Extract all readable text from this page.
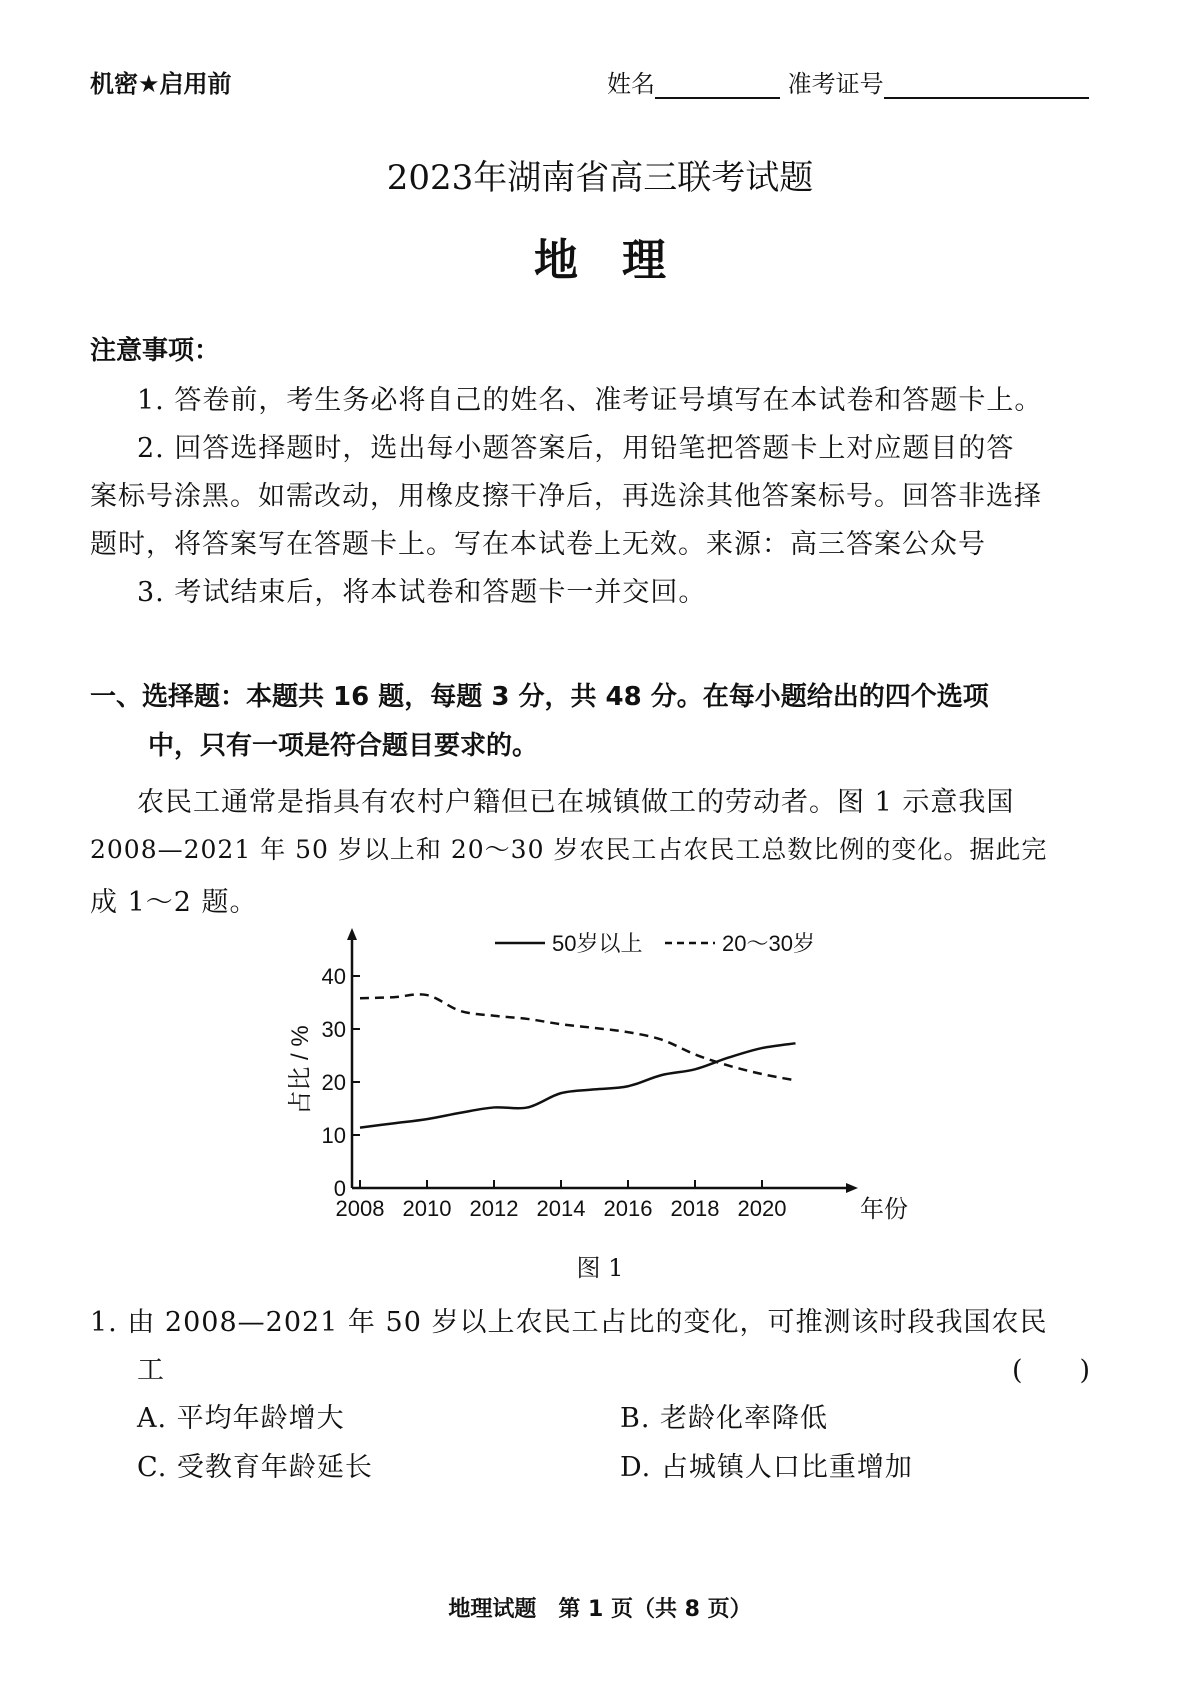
机密★启用前	姓名	准考证号
2023年湖南省高三联考试题
地　理
注意事项：
1. 答卷前，考生务必将自己的姓名、准考证号填写在本试卷和答题卡上。
2. 回答选择题时，选出每小题答案后，用铅笔把答题卡上对应题目的答
案标号涂黑。如需改动，用橡皮擦干净后，再选涂其他答案标号。回答非选择
题时，将答案写在答题卡上。写在本试卷上无效。来源：高三答案公众号
3. 考试结束后，将本试卷和答题卡一并交回。
一、选择题：本题共 16 题，每题 3 分，共 48 分。在每小题给出的四个选项
中，只有一项是符合题目要求的。
农民工通常是指具有农村户籍但已在城镇做工的劳动者。图 1 示意我国
2008—2021 年 50 岁以上和 20～30 岁农民工占农民工总数比例的变化。据此完
成 1～2 题。
50岁以上	20～30岁
0
10
20
30
40
2008 2010 2012 2014 2016 2018 2020
占比 / %
年份
图 1
1. 由 2008—2021 年 50 岁以上农民工占比的变化，可推测该时段我国农民
工	(　　)
A. 平均年龄增大	B. 老龄化率降低
C. 受教育年龄延长	D. 占城镇人口比重增加
地理试题　第 1 页（共 8 页）
